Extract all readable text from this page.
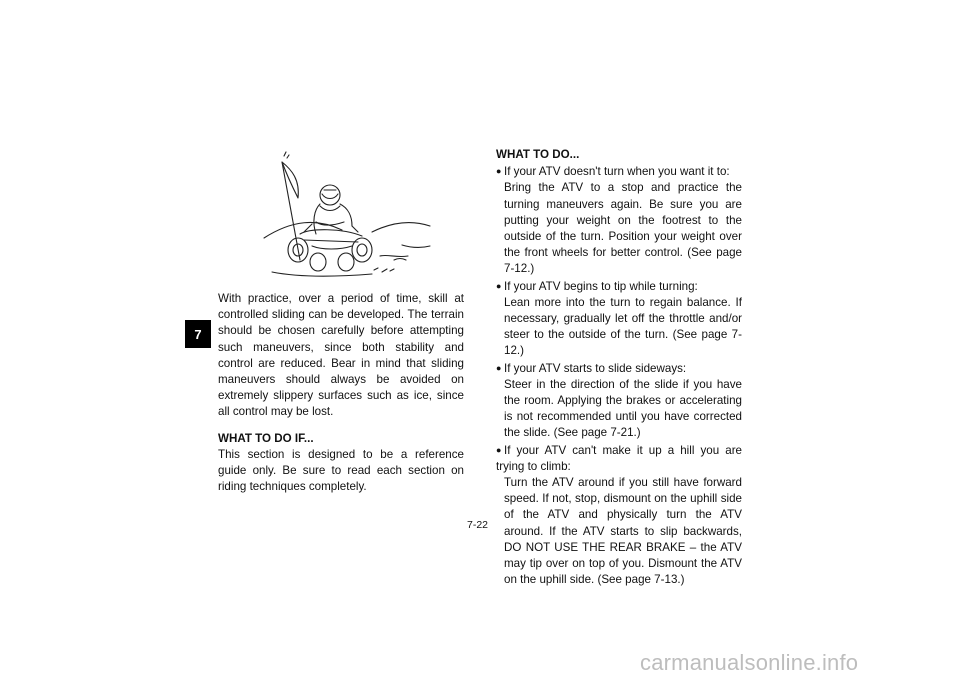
7

With practice, over a period of time, skill at controlled sliding can be developed. The terrain should be chosen carefully before attempting such maneuvers, since both stability and control are reduced. Bear in mind that sliding maneuvers should always be avoided on extremely slippery surfaces such as ice, since all control may be lost.

WHAT TO DO IF...

This section is designed to be a reference guide only. Be sure to read each section on riding techniques completely.

WHAT TO DO...

● If your ATV doesn't turn when you want it to:
Bring the ATV to a stop and practice the turning maneuvers again. Be sure you are putting your weight on the footrest to the outside of the turn. Position your weight over the front wheels for better control. (See page 7-12.)
● If your ATV begins to tip while turning:
Lean more into the turn to regain balance. If necessary, gradually let off the throttle and/or steer to the outside of the turn. (See page 7-12.)
● If your ATV starts to slide sideways:
Steer in the direction of the slide if you have the room. Applying the brakes or accelerating is not recommended until you have corrected the slide. (See page 7-21.)
● If your ATV can't make it up a hill you are trying to climb:
Turn the ATV around if you still have forward speed. If not, stop, dismount on the uphill side of the ATV and physically turn the ATV around. If the ATV starts to slip backwards, DO NOT USE THE REAR BRAKE – the ATV may tip over on top of you. Dismount the ATV on the uphill side. (See page 7-13.)
7-22
carmanualsonline.info
